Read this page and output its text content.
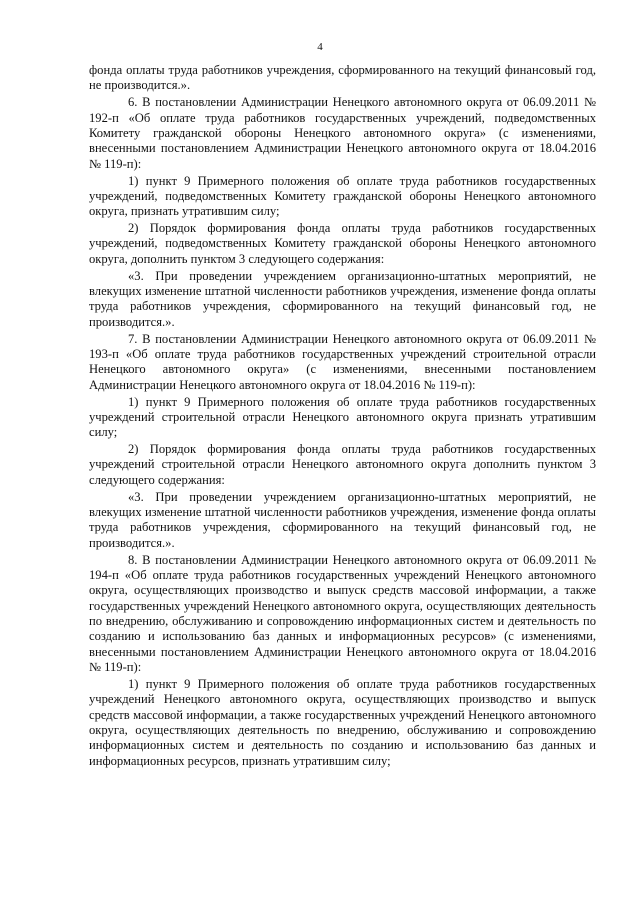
4

фонда оплаты труда работников учреждения, сформированного на текущий финансовый год, не производится.».

6. В постановлении Администрации Ненецкого автономного округа от 06.09.2011 № 192-п «Об оплате труда работников государственных учреждений, подведомственных Комитету гражданской обороны Ненецкого автономного округа» (с изменениями, внесенными постановлением Администрации Ненецкого автономного округа от 18.04.2016 № 119-п):

1) пункт 9 Примерного положения об оплате труда работников государственных учреждений, подведомственных Комитету гражданской обороны Ненецкого автономного округа, признать утратившим силу;

2) Порядок формирования фонда оплаты труда работников государственных учреждений, подведомственных Комитету гражданской обороны Ненецкого автономного округа, дополнить пунктом 3 следующего содержания:

«3. При проведении учреждением организационно-штатных мероприятий, не влекущих изменение штатной численности работников учреждения, изменение фонда оплаты труда работников учреждения, сформированного на текущий финансовый год, не производится.».

7. В постановлении Администрации Ненецкого автономного округа от 06.09.2011 № 193-п «Об оплате труда работников государственных учреждений строительной отрасли Ненецкого автономного округа» (с изменениями, внесенными постановлением Администрации Ненецкого автономного округа от 18.04.2016 № 119-п):

1) пункт 9 Примерного положения об оплате труда работников государственных учреждений строительной отрасли Ненецкого автономного округа признать утратившим силу;

2) Порядок формирования фонда оплаты труда работников государственных учреждений строительной отрасли Ненецкого автономного округа дополнить пунктом 3 следующего содержания:

«3. При проведении учреждением организационно-штатных мероприятий, не влекущих изменение штатной численности работников учреждения, изменение фонда оплаты труда работников учреждения, сформированного на текущий финансовый год, не производится.».

8. В постановлении Администрации Ненецкого автономного округа от 06.09.2011 № 194-п «Об оплате труда работников государственных учреждений Ненецкого автономного округа, осуществляющих производство и выпуск средств массовой информации, а также государственных учреждений Ненецкого автономного округа, осуществляющих деятельность по внедрению, обслуживанию и сопровождению информационных систем и деятельность по созданию и использованию баз данных и информационных ресурсов» (с изменениями, внесенными постановлением Администрации Ненецкого автономного округа от 18.04.2016 № 119-п):

1) пункт 9 Примерного положения об оплате труда работников государственных учреждений Ненецкого автономного округа, осуществляющих производство и выпуск средств массовой информации, а также государственных учреждений Ненецкого автономного округа, осуществляющих деятельность по внедрению, обслуживанию и сопровождению информационных систем и деятельность по созданию и использованию баз данных и информационных ресурсов, признать утратившим силу;
